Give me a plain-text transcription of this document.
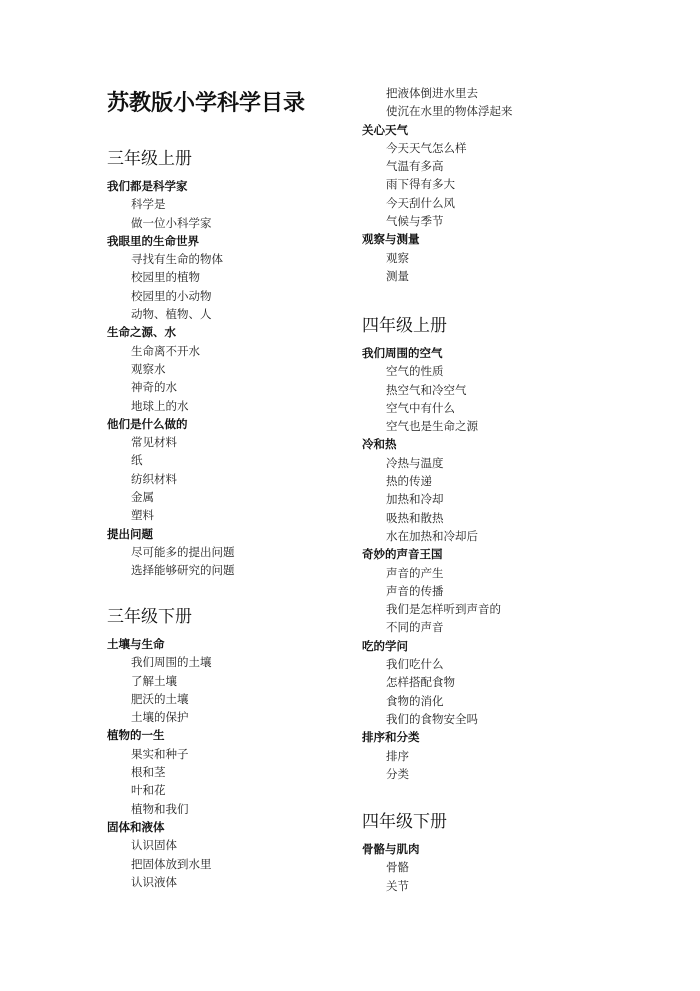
苏教版小学科学目录
三年级上册
我们都是科学家
科学是
做一位小科学家
我眼里的生命世界
寻找有生命的物体
校园里的植物
校园里的小动物
动物、植物、人
生命之源、水
生命离不开水
观察水
神奇的水
地球上的水
他们是什么做的
常见材料
纸
纺织材料
金属
塑料
提出问题
尽可能多的提出问题
选择能够研究的问题
三年级下册
土壤与生命
我们周围的土壤
了解土壤
肥沃的土壤
土壤的保护
植物的一生
果实和种子
根和茎
叶和花
植物和我们
固体和液体
认识固体
把固体放到水里
认识液体
把液体倒进水里去
使沉在水里的物体浮起来
关心天气
今天天气怎么样
气温有多高
雨下得有多大
今天刮什么风
气候与季节
观察与测量
观察
测量
四年级上册
我们周围的空气
空气的性质
热空气和冷空气
空气中有什么
空气也是生命之源
冷和热
冷热与温度
热的传递
加热和冷却
吸热和散热
水在加热和冷却后
奇妙的声音王国
声音的产生
声音的传播
我们是怎样听到声音的
不同的声音
吃的学问
我们吃什么
怎样搭配食物
食物的消化
我们的食物安全吗
排序和分类
排序
分类
四年级下册
骨骼与肌肉
骨骼
关节
